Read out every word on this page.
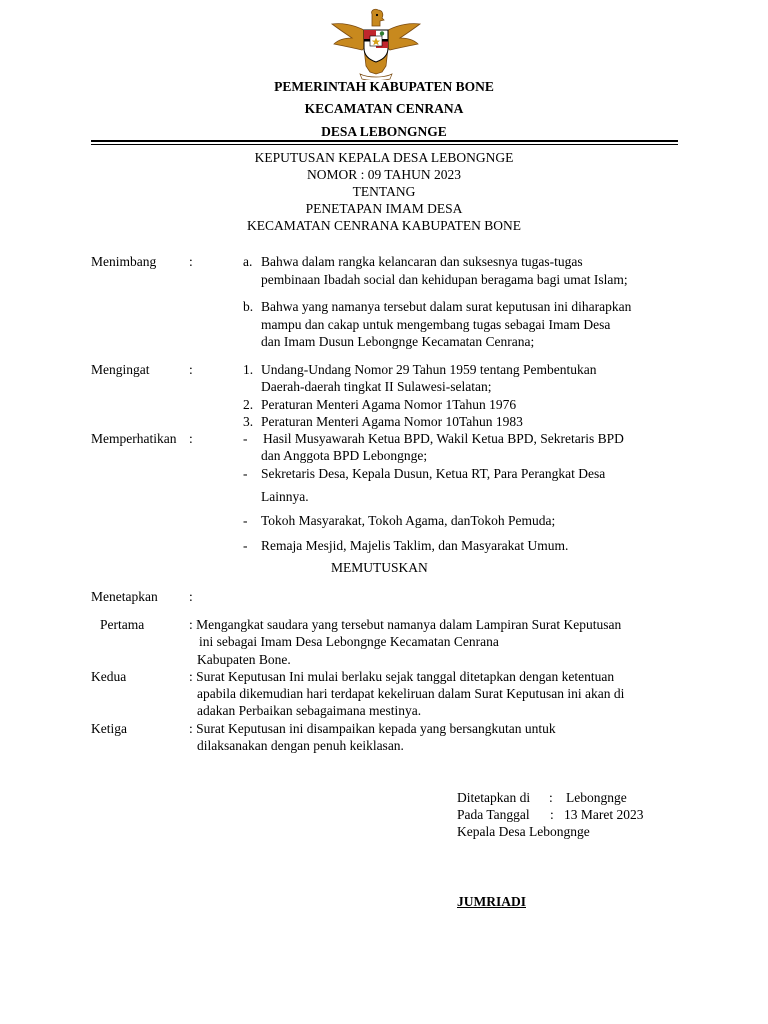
PEMERINTAH KABUPATEN BONE
KECAMATAN CENRANA
DESA LEBONGNGE
KEPUTUSAN KEPALA DESA LEBONGNGE
NOMOR : 09 TAHUN 2023
TENTANG
PENETAPAN IMAM DESA
KECAMATAN CENRANA KABUPATEN BONE
Menimbang :	a. Bahwa dalam rangka kelancaran dan suksesnya tugas-tugas
pembinaan Ibadah social dan kehidupan beragama bagi umat Islam;
b. Bahwa yang namanya tersebut dalam surat keputusan ini diharapkan
mampu dan cakap untuk mengembang tugas sebagai Imam Desa
dan Imam Dusun Lebongnge Kecamatan Cenrana;
Mengingat	:	1. Undang-Undang Nomor 29 Tahun 1959 tentang Pembentukan
Daerah-daerah tingkat II Sulawesi-selatan;
2. Peraturan Menteri Agama Nomor 1Tahun 1976
3. Peraturan Menteri Agama Nomor 10Tahun 1983
Memperhatikan :	- Hasil Musyawarah Ketua BPD, Wakil Ketua BPD, Sekretaris BPD
dan Anggota BPD Lebongnge;
- Sekretaris Desa, Kepala Dusun, Ketua RT, Para Perangkat Desa
Lainnya.
- Tokoh Masyarakat, Tokoh Agama, danTokoh Pemuda;
- Remaja Mesjid, Majelis Taklim, dan Masyarakat Umum.
MEMUTUSKAN
Menetapkan :
Pertama	: Mengangkat saudara yang tersebut namanya dalam Lampiran Surat Keputusan
ini sebagai Imam Desa Lebongnge Kecamatan Cenrana
Kabupaten Bone.
Kedua	: Surat Keputusan Ini mulai berlaku sejak tanggal ditetapkan dengan ketentuan
apabila dikemudian hari terdapat kekeliruan dalam Surat Keputusan ini akan di
adakan Perbaikan sebagaimana mestinya.
Ketiga	: Surat Keputusan ini disampaikan kepada yang bersangkutan untuk
dilaksanakan dengan penuh keiklasan.
Ditetapkan di : Lebongnge
Pada Tanggal : 13 Maret 2023
Kepala Desa Lebongnge
JUMRIADI
